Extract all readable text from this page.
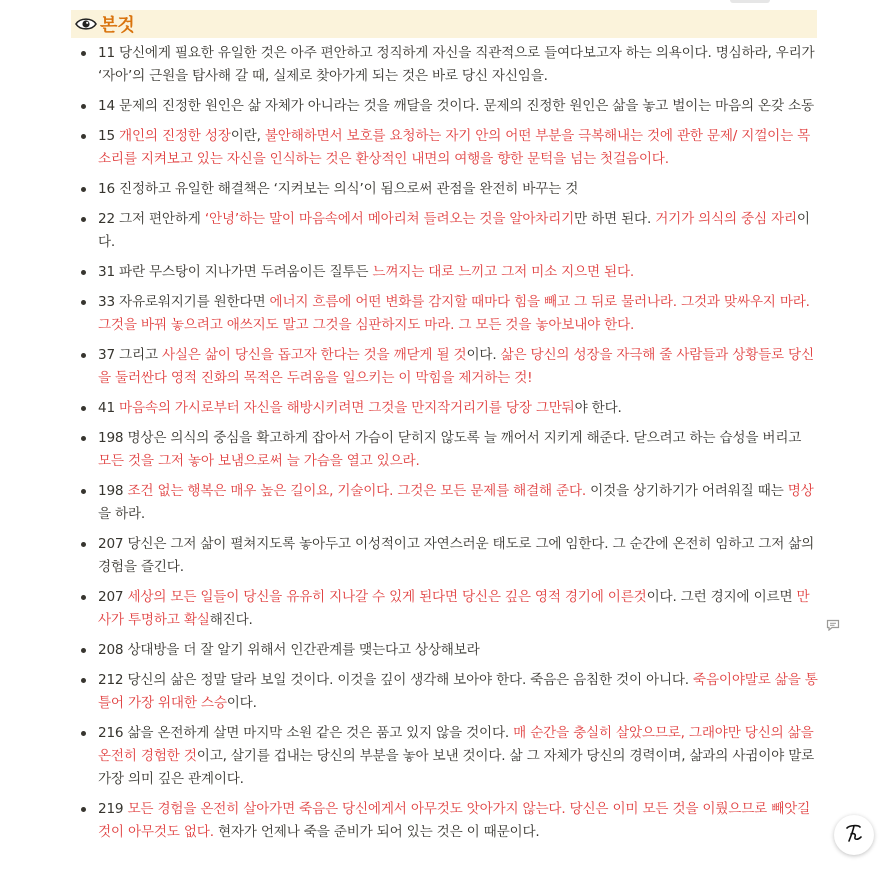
본것
11 당신에게 필요한 유일한 것은 아주 편안하고 정직하게 자신을 직관적으로 들여다보고자 하는 의욕이다. 명심하라, 우리가 ‘자아’의 근원을 탐사해 갈 때, 실제로 찾아가게 되는 것은 바로 당신 자신임을.
14 문제의 진정한 원인은 삶 자체가 아니라는 것을 깨달을 것이다. 문제의 진정한 원인은 삶을 놓고 벌이는 마음의 온갖 소동
15 개인의 진정한 성장이란, 불안해하면서 보호를 요청하는 자기 안의 어떤 부분을 극복해내는 것에 관한 문제/ 지껄이는 목소리를 지켜보고 있는 자신을 인식하는 것은 환상적인 내면의 여행을 향한 문턱을 넘는 첫걸음이다.
16 진정하고 유일한 해결책은 ‘지켜보는 의식’이 됨으로써 관점을 완전히 바꾸는 것
22 그저 편안하게 ‘안녕’하는 말이 마음속에서 메아리쳐 들려오는 것을 알아차리기만 하면 된다. 거기가 의식의 중심 자리이다.
31 파란 무스탕이 지나가면 두려움이든 질투든 느껴지는 대로 느끼고 그저 미소 지으면 된다.
33 자유로워지기를 원한다면 에너지 흐름에 어떤 변화를 감지할 때마다 힘을 빼고 그 뒤로 물러나라. 그것과 맞싸우지 마라. 그것을 바꿔 놓으려고 애쓰지도 말고 그것을 심판하지도 마라. 그 모든 것을 놓아보내야 한다.
37 그리고 사실은 삶이 당신을 돕고자 한다는 것을 깨닫게 될 것이다. 삶은 당신의 성장을 자극해 줄 사람들과 상황들로 당신을 둘러싼다 영적 진화의 목적은 두려움을 일으키는 이 막힘을 제거하는 것!
41 마음속의 가시로부터 자신을 해방시키려면 그것을 만지작거리기를 당장 그만둬야 한다.
198 명상은 의식의 중심을 확고하게 잡아서 가슴이 닫히지 않도록 늘 깨어서 지키게 해준다. 닫으려고 하는 습성을 버리고 모든 것을 그저 놓아 보냄으로써 늘 가슴을 열고 있으라.
198 조건 없는 행복은 매우 높은 길이요, 기술이다. 그것은 모든 문제를 해결해 준다. 이것을 상기하기가 어려워질 때는 명상을 하라.
207 당신은 그저 삶이 펼쳐지도록 놓아두고 이성적이고 자연스러운 태도로 그에 임한다. 그 순간에 온전히 임하고 그저 삶의 경험을 즐긴다.
207 세상의 모든 일들이 당신을 유유히 지나갈 수 있게 된다면 당신은 깊은 영적 경기에 이른것이다. 그런 경지에 이르면 만사가 투명하고 확실해진다.
208 상대방을 더 잘 알기 위해서 인간관계를 맺는다고 상상해보라
212 당신의 삶은 정말 달라 보일 것이다. 이것을 깊이 생각해 보아야 한다. 죽음은 음침한 것이 아니다. 죽음이야말로 삶을 통틀어 가장 위대한 스승이다.
216 삶을 온전하게 살면 마지막 소원 같은 것은 품고 있지 않을 것이다. 매 순간을 충실히 살았으므로, 그래야만 당신의 삶을 온전히 경험한 것이고, 살기를 겁내는 당신의 부분을 놓아 보낸 것이다. 삶 그 자체가 당신의 경력이며, 삶과의 사귐이야 말로 가장 의미 깊은 관계이다.
219 모든 경험을 온전히 살아가면 죽음은 당신에게서 아무것도 앗아가지 않는다. 당신은 이미 모든 것을 이뤘으므로 빼앗길 것이 아무것도 없다. 현자가 언제나 죽을 준비가 되어 있는 것은 이 때문이다.
